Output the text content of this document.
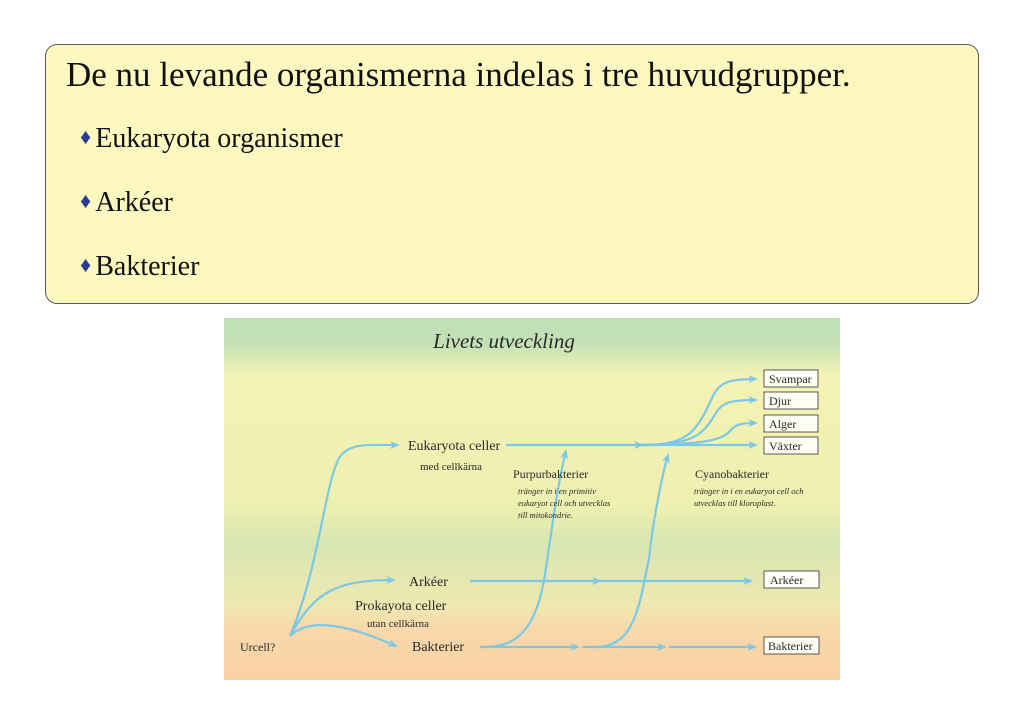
De nu levande organismerna indelas i tre huvudgrupper.
♦ Eukaryota organismer
♦ Arkéer
♦ Bakterier
Livets utveckling
Urcell?
Eukaryota celler
med cellkärna
Arkéer
Prokayota celler
utan cellkärna
Bakterier
Purpurbakterier
tränger in i en primitiv
eukaryot cell och utvecklas
till mitokondrie.
Cyanobakterier
tränger in i en eukaryot cell och
utvecklas till kloroplast.
Svampar
Djur
Alger
Växter
Arkéer
Bakterier
